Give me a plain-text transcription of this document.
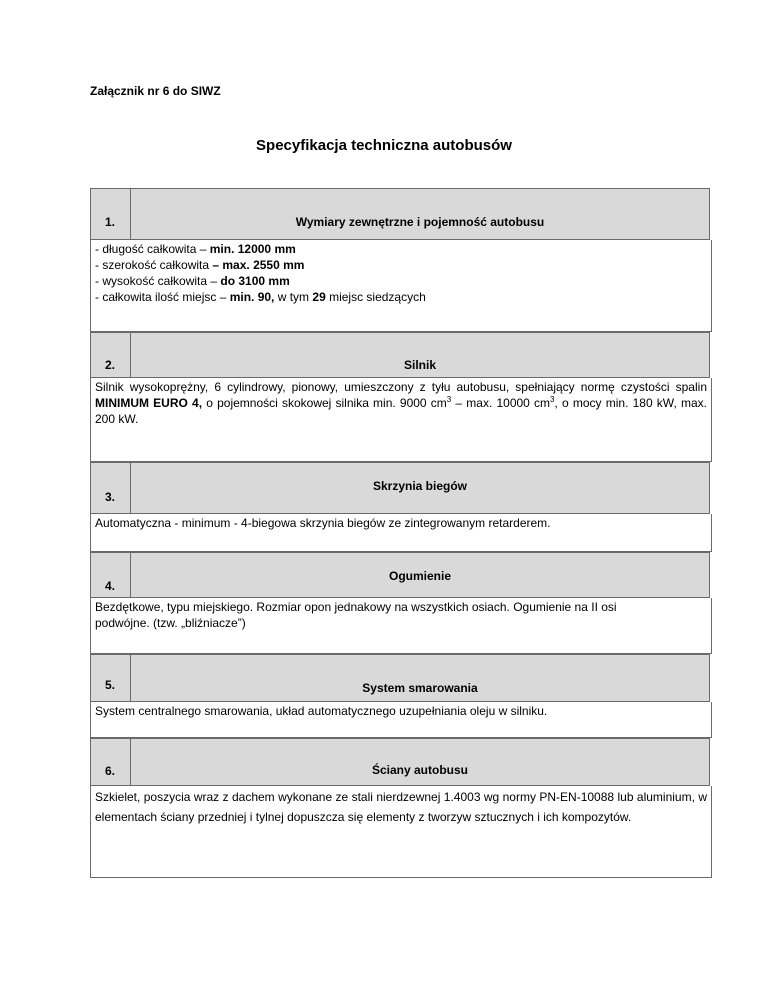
Załącznik nr 6 do SIWZ
Specyfikacja techniczna autobusów
1.	Wymiary zewnętrzne i pojemność autobusu

- długość całkowita – min. 12000 mm

- szerokość całkowita – max. 2550 mm

- wysokość całkowita – do 3100 mm

- całkowita ilość miejsc – min. 90, w tym 29 miejsc siedzących

2.	Silnik

Silnik wysokoprężny, 6 cylindrowy, pionowy, umieszczony z tyłu autobusu, spełniający normę czystości spalin MINIMUM EURO 4, o pojemności skokowej silnika min. 9000 $cm^3$ – max. 10000 $cm^3$, o mocy min. 180 kW, max. 200 kW.

3.
Skrzynia biegów

Automatyczna - minimum - 4-biegowa skrzynia biegów ze zintegrowanym retarderem.

4.
Ogumienie

Bezdętkowe, typu miejskiego. Rozmiar opon jednakowy na wszystkich osiach. Ogumienie na II osi podwójne. (tzw. „bliźniacze”)

5.	System smarowania

System centralnego smarowania, układ automatycznego uzupełniania oleju w silniku.

6.	Ściany autobusu

Szkielet, poszycia wraz z dachem wykonane ze stali nierdzewnej 1.4003 wg normy PN-EN-10088 lub aluminium, w elementach ściany przedniej i tylnej dopuszcza się elementy z tworzyw sztucznych i ich kompozytów.
